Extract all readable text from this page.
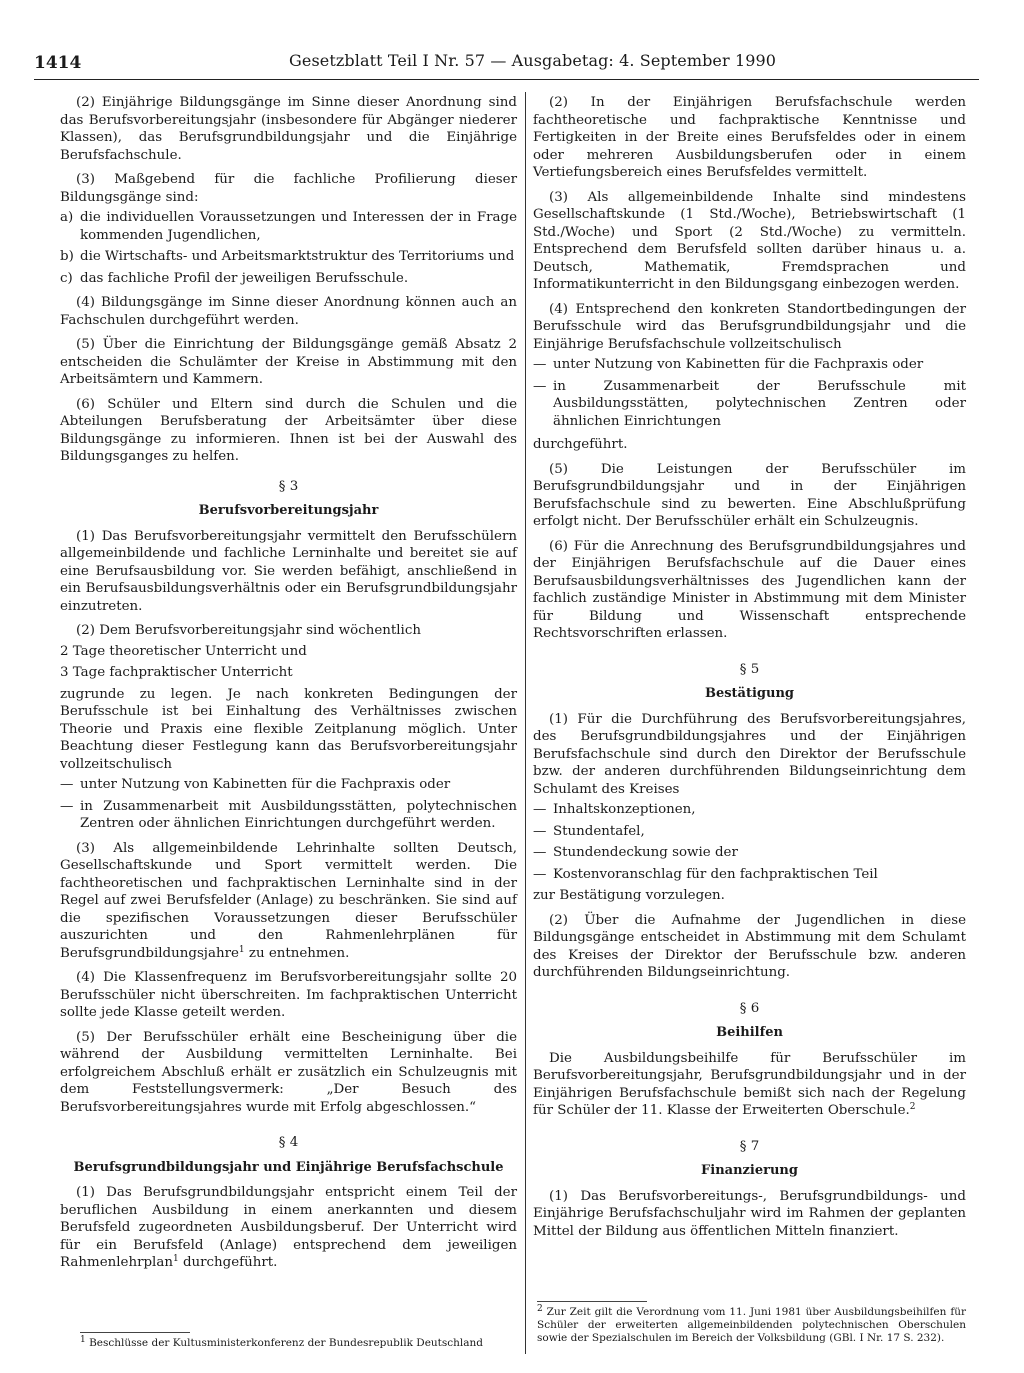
1414	Gesetzblatt Teil I Nr. 57 — Ausgabetag: 4. September 1990

(2) Einjährige Bildungsgänge im Sinne dieser Anordnung sind das Berufsvorbereitungsjahr (insbesondere für Abgänger niederer Klassen), das Berufsgrundbildungsjahr und die Einjährige Berufsfachschule.

(3) Maßgebend für die fachliche Profilierung dieser Bildungsgänge sind:

a) die individuellen Voraussetzungen und Interessen der in Frage kommenden Jugendlichen,
b) die Wirtschafts- und Arbeitsmarktstruktur des Territoriums und
c) das fachliche Profil der jeweiligen Berufsschule.

(4) Bildungsgänge im Sinne dieser Anordnung können auch an Fachschulen durchgeführt werden.

(5) Über die Einrichtung der Bildungsgänge gemäß Absatz 2 entscheiden die Schulämter der Kreise in Abstimmung mit den Arbeitsämtern und Kammern.

(6) Schüler und Eltern sind durch die Schulen und die Abteilungen Berufsberatung der Arbeitsämter über diese Bildungsgänge zu informieren. Ihnen ist bei der Auswahl des Bildungsganges zu helfen.

§ 3
Berufsvorbereitungsjahr

(1) Das Berufsvorbereitungsjahr vermittelt den Berufsschülern allgemeinbildende und fachliche Lerninhalte und bereitet sie auf eine Berufsausbildung vor. Sie werden befähigt, anschließend in ein Berufsausbildungsverhältnis oder ein Berufsgrundbildungsjahr einzutreten.

(2) Dem Berufsvorbereitungsjahr sind wöchentlich

2 Tage theoretischer Unterricht und
3 Tage fachpraktischer Unterricht

zugrunde zu legen. Je nach konkreten Bedingungen der Berufsschule ist bei Einhaltung des Verhältnisses zwischen Theorie und Praxis eine flexible Zeitplanung möglich. Unter Beachtung dieser Festlegung kann das Berufsvorbereitungsjahr vollzeitschulisch

— unter Nutzung von Kabinetten für die Fachpraxis oder
— in Zusammenarbeit mit Ausbildungsstätten, polytechnischen Zentren oder ähnlichen Einrichtungen durchgeführt werden.

(3) Als allgemeinbildende Lehrinhalte sollten Deutsch, Gesellschaftskunde und Sport vermittelt werden. Die fachtheoretischen und fachpraktischen Lerninhalte sind in der Regel auf zwei Berufsfelder (Anlage) zu beschränken. Sie sind auf die spezifischen Voraussetzungen dieser Berufsschüler auszurichten und den Rahmenlehrplänen für Berufsgrundbildungsjahre$^1$ zu entnehmen.

(4) Die Klassenfrequenz im Berufsvorbereitungsjahr sollte 20 Berufsschüler nicht überschreiten. Im fachpraktischen Unterricht sollte jede Klasse geteilt werden.

(5) Der Berufsschüler erhält eine Bescheinigung über die während der Ausbildung vermittelten Lerninhalte. Bei erfolgreichem Abschluß erhält er zusätzlich ein Schulzeugnis mit dem Feststellungsvermerk: „Der Besuch des Berufsvorbereitungsjahres wurde mit Erfolg abgeschlossen.“

§ 4
Berufsgrundbildungsjahr und Einjährige Berufsfachschule

(1) Das Berufsgrundbildungsjahr entspricht einem Teil der beruflichen Ausbildung in einem anerkannten und diesem Berufsfeld zugeordneten Ausbildungsberuf. Der Unterricht wird für ein Berufsfeld (Anlage) entsprechend dem jeweiligen Rahmenlehrplan$^1$ durchgeführt.

(2) In der Einjährigen Berufsfachschule werden fachtheoretische und fachpraktische Kenntnisse und Fertigkeiten in der Breite eines Berufsfeldes oder in einem oder mehreren Ausbildungsberufen oder in einem Vertiefungsbereich eines Berufsfeldes vermittelt.

(3) Als allgemeinbildende Inhalte sind mindestens Gesellschaftskunde (1 Std./Woche), Betriebswirtschaft (1 Std./Woche) und Sport (2 Std./Woche) zu vermitteln. Entsprechend dem Berufsfeld sollten darüber hinaus u. a. Deutsch, Mathematik, Fremdsprachen und Informatikunterricht in den Bildungsgang einbezogen werden.

(4) Entsprechend den konkreten Standortbedingungen der Berufsschule wird das Berufsgrundbildungsjahr und die Einjährige Berufsfachschule vollzeitschulisch

— unter Nutzung von Kabinetten für die Fachpraxis oder
— in Zusammenarbeit der Berufsschule mit Ausbildungsstätten, polytechnischen Zentren oder ähnlichen Einrichtungen

durchgeführt.

(5) Die Leistungen der Berufsschüler im Berufsgrundbildungsjahr und in der Einjährigen Berufsfachschule sind zu bewerten. Eine Abschlußprüfung erfolgt nicht. Der Berufsschüler erhält ein Schulzeugnis.

(6) Für die Anrechnung des Berufsgrundbildungsjahres und der Einjährigen Berufsfachschule auf die Dauer eines Berufsausbildungsverhältnisses des Jugendlichen kann der fachlich zuständige Minister in Abstimmung mit dem Minister für Bildung und Wissenschaft entsprechende Rechtsvorschriften erlassen.

§ 5
Bestätigung

(1) Für die Durchführung des Berufsvorbereitungsjahres, des Berufsgrundbildungsjahres und der Einjährigen Berufsfachschule sind durch den Direktor der Berufsschule bzw. der anderen durchführenden Bildungseinrichtung dem Schulamt des Kreises

— Inhaltskonzeptionen,
— Stundentafel,
— Stundendeckung sowie der
— Kostenvoranschlag für den fachpraktischen Teil

zur Bestätigung vorzulegen.

(2) Über die Aufnahme der Jugendlichen in diese Bildungsgänge entscheidet in Abstimmung mit dem Schulamt des Kreises der Direktor der Berufsschule bzw. anderen durchführenden Bildungseinrichtung.

§ 6
Beihilfen

Die Ausbildungsbeihilfe für Berufsschüler im Berufsvorbereitungsjahr, Berufsgrundbildungsjahr und in der Einjährigen Berufsfachschule bemißt sich nach der Regelung für Schüler der 11. Klasse der Erweiterten Oberschule.$^2$

§ 7
Finanzierung

(1) Das Berufsvorbereitungs-, Berufsgrundbildungs- und Einjährige Berufsfachschuljahr wird im Rahmen der geplanten Mittel der Bildung aus öffentlichen Mitteln finanziert.

$^1$ Beschlüsse der Kultusministerkonferenz der Bundesrepublik Deutschland
$^2$ Zur Zeit gilt die Verordnung vom 11. Juni 1981 über Ausbildungsbeihilfen für Schüler der erweiterten allgemeinbildenden polytechnischen Oberschulen sowie der Spezialschulen im Bereich der Volksbildung (GBl. I Nr. 17 S. 232).
